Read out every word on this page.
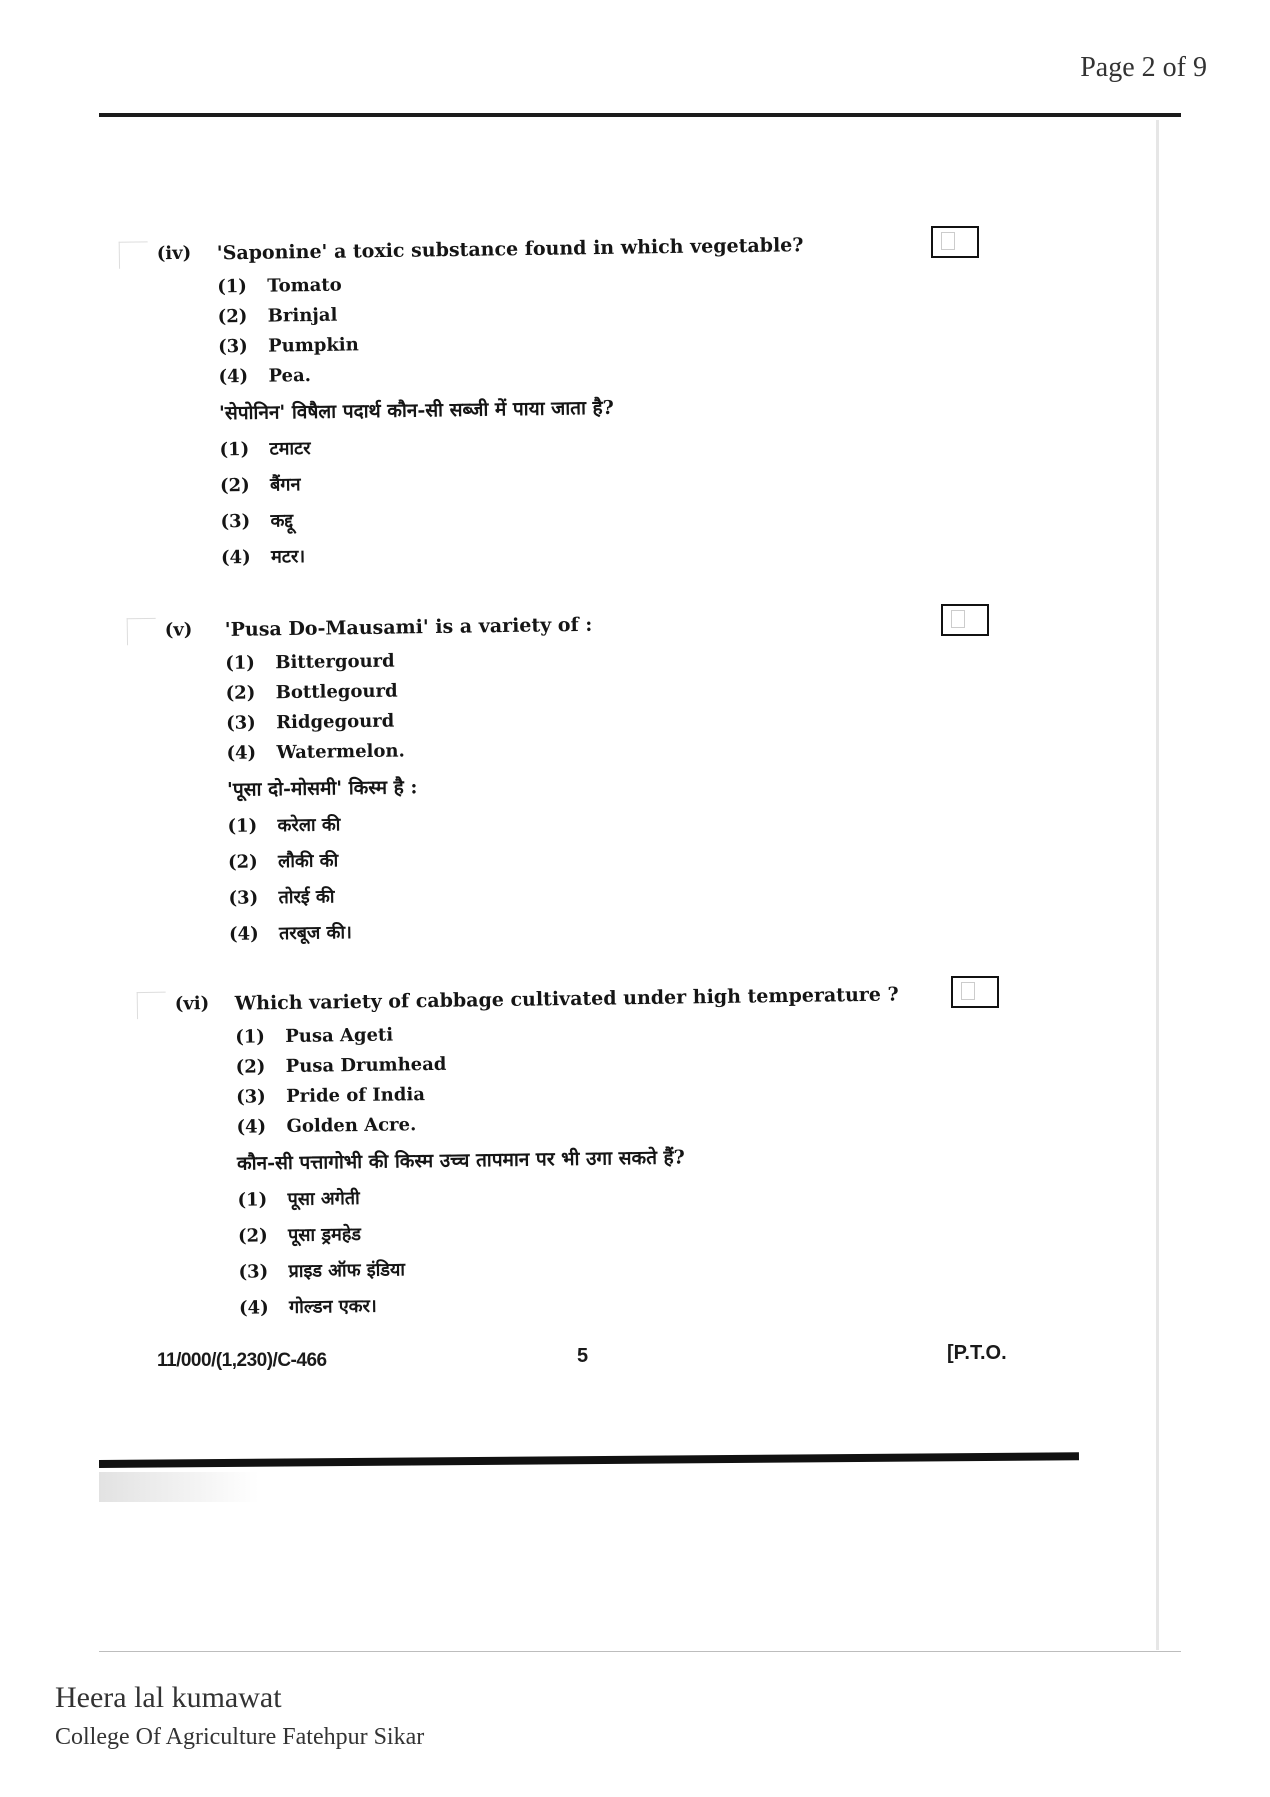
Page 2 of 9
(iv) 'Saponine' a toxic substance found in which vegetable?
(1)	Tomato
(2)	Brinjal
(3)	Pumpkin
(4)	Pea.
'सेपोनिन' विषैला पदार्थ कौन-सी सब्जी में पाया जाता है?
(1)	टमाटर
(2)	बैंगन
(3)	कद्दू
(4)	मटर।
(v) 'Pusa Do-Mausami' is a variety of :
(1)	Bittergourd
(2)	Bottlegourd
(3)	Ridgegourd
(4)	Watermelon.
'पूसा दो-मोसमी' किस्म है :
(1)	करेला की
(2)	लौकी की
(3)	तोरई की
(4)	तरबूज की।
(vi) Which variety of cabbage cultivated under high temperature ?
(1)	Pusa Ageti
(2)	Pusa Drumhead
(3)	Pride of India
(4)	Golden Acre.
कौन-सी पत्तागोभी की किस्म उच्च तापमान पर भी उगा सकते हैं?
(1)	पूसा अगेती
(2)	पूसा ड्रमहेड
(3)	प्राइड ऑफ इंडिया
(4)	गोल्डन एकर।
11/000/(1,230)/C-466	5	[P.T.O.
Heera lal kumawat
College Of Agriculture Fatehpur Sikar
